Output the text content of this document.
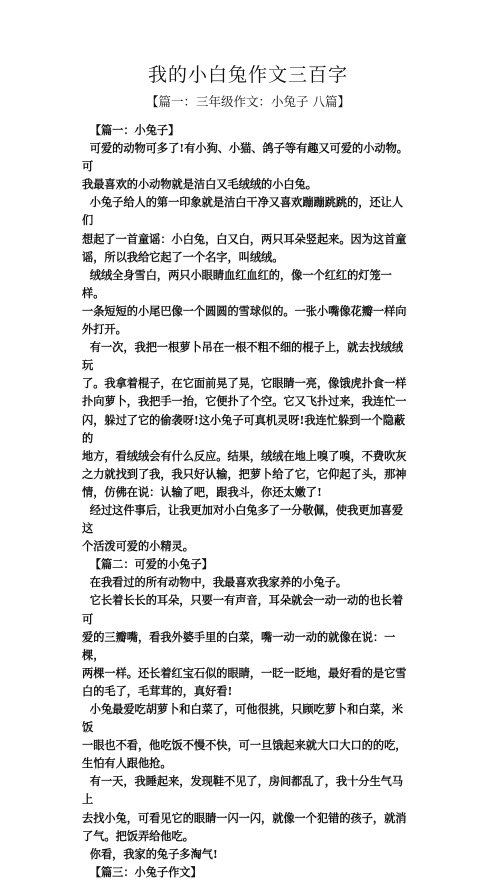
我的小白兔作文三百字
【篇一：三年级作文：小兔子 八篇】

【篇一：小兔子】

可爱的动物可多了!有小狗、小猫、鸽子等有趣又可爱的小动物。可

我最喜欢的小动物就是洁白又毛绒绒的小白兔。

小兔子给人的第一印象就是洁白干净又喜欢蹦蹦跳跳的，还让人们

想起了一首童谣：小白兔，白又白，两只耳朵竖起来。因为这首童

谣，所以我给它起了一个名字，叫绒绒。

绒绒全身雪白，两只小眼睛血红血红的，像一个红红的灯笼一样。

一条短短的小尾巴像一个圆圆的雪球似的。一张小嘴像花瓣一样向

外打开。

有一次，我把一根萝卜吊在一根不粗不细的棍子上，就去找绒绒玩

了。我拿着棍子，在它面前晃了晃，它眼睛一亮，像饿虎扑食一样

扑向萝卜，我把手一抬，它便扑了个空。它又飞扑过来，我连忙一

闪，躲过了它的偷袭呀!这小兔子可真机灵呀!我连忙躲到一个隐蔽的

地方，看绒绒会有什么反应。结果，绒绒在地上嗅了嗅，不费吹灰

之力就找到了我，我只好认输，把萝卜给了它，它仰起了头，那神

情，仿佛在说：认输了吧，跟我斗，你还太嫩了!

经过这件事后，让我更加对小白兔多了一分敬佩，使我更加喜爱这

个活泼可爱的小精灵。

【篇二：可爱的小兔子】

在我看过的所有动物中，我最喜欢我家养的小兔子。

它长着长长的耳朵，只要一有声音，耳朵就会一动一动的也长着可

爱的三瓣嘴，看我外婆手里的白菜，嘴一动一动的就像在说：一棵，

两棵一样。还长着红宝石似的眼睛，一眨一眨地，最好看的是它雪

白的毛了，毛茸茸的，真好看!

小兔最爱吃胡萝卜和白菜了，可他很挑，只顾吃萝卜和白菜，米饭

一眼也不看，他吃饭不慢不快，可一旦饿起来就大口大口的的吃，

生怕有人跟他抢。

有一天，我睡起来，发现鞋不见了，房间都乱了，我十分生气马上

去找小兔，可看见它的眼睛一闪一闪，就像一个犯错的孩子，就消

了气。把饭弄给他吃。

你看，我家的兔子多淘气!

【篇三：小兔子作文】
